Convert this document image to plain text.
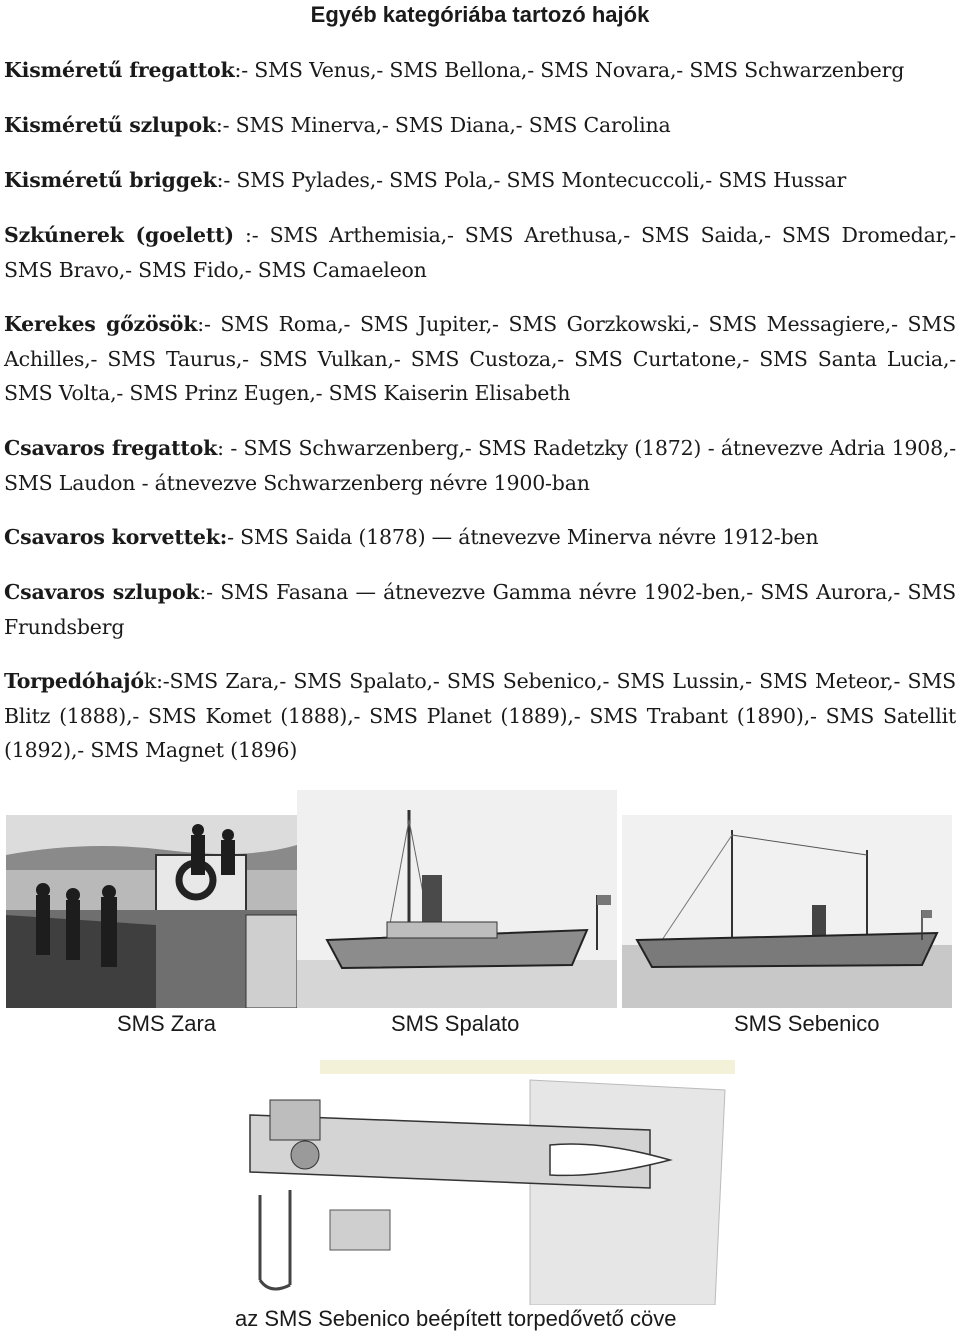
Egyéb kategóriába tartozó hajók
Kisméretű fregattok:- SMS Venus,- SMS Bellona,- SMS Novara,- SMS Schwarzenberg
Kisméretű szlupok:- SMS Minerva,- SMS Diana,- SMS Carolina
Kisméretű briggek:- SMS Pylades,- SMS Pola,- SMS Montecuccoli,- SMS Hussar
Szkúnerek (goelett) :- SMS Arthemisia,- SMS Arethusa,- SMS Saida,- SMS Dromedar,- SMS Bravo,- SMS Fido,- SMS Camaeleon
Kerekes gőzösök:- SMS Roma,- SMS Jupiter,- SMS Gorzkowski,- SMS Messagiere,- SMS Achilles,- SMS Taurus,- SMS Vulkan,- SMS Custoza,- SMS Curtatone,- SMS Santa Lucia,- SMS Volta,- SMS Prinz Eugen,- SMS Kaiserin Elisabeth
Csavaros fregattok: - SMS Schwarzenberg,- SMS Radetzky (1872) - átnevezve Adria 1908,- SMS Laudon - átnevezve Schwarzenberg névre 1900-ban
Csavaros korvettek:- SMS Saida (1878) — átnevezve Minerva névre 1912-ben
Csavaros szlupok:- SMS Fasana — átnevezve Gamma névre 1902-ben,- SMS Aurora,- SMS Frundsberg
Torpedóhajók:-SMS Zara,- SMS Spalato,- SMS Sebenico,- SMS Lussin,- SMS Meteor,- SMS Blitz (1888),- SMS Komet (1888),- SMS Planet (1889),- SMS Trabant (1890),- SMS Satellit (1892),- SMS Magnet (1896)
SMS Zara	SMS Spalato	SMS Sebenico
az SMS Sebenico beépített torpedővető cöve
